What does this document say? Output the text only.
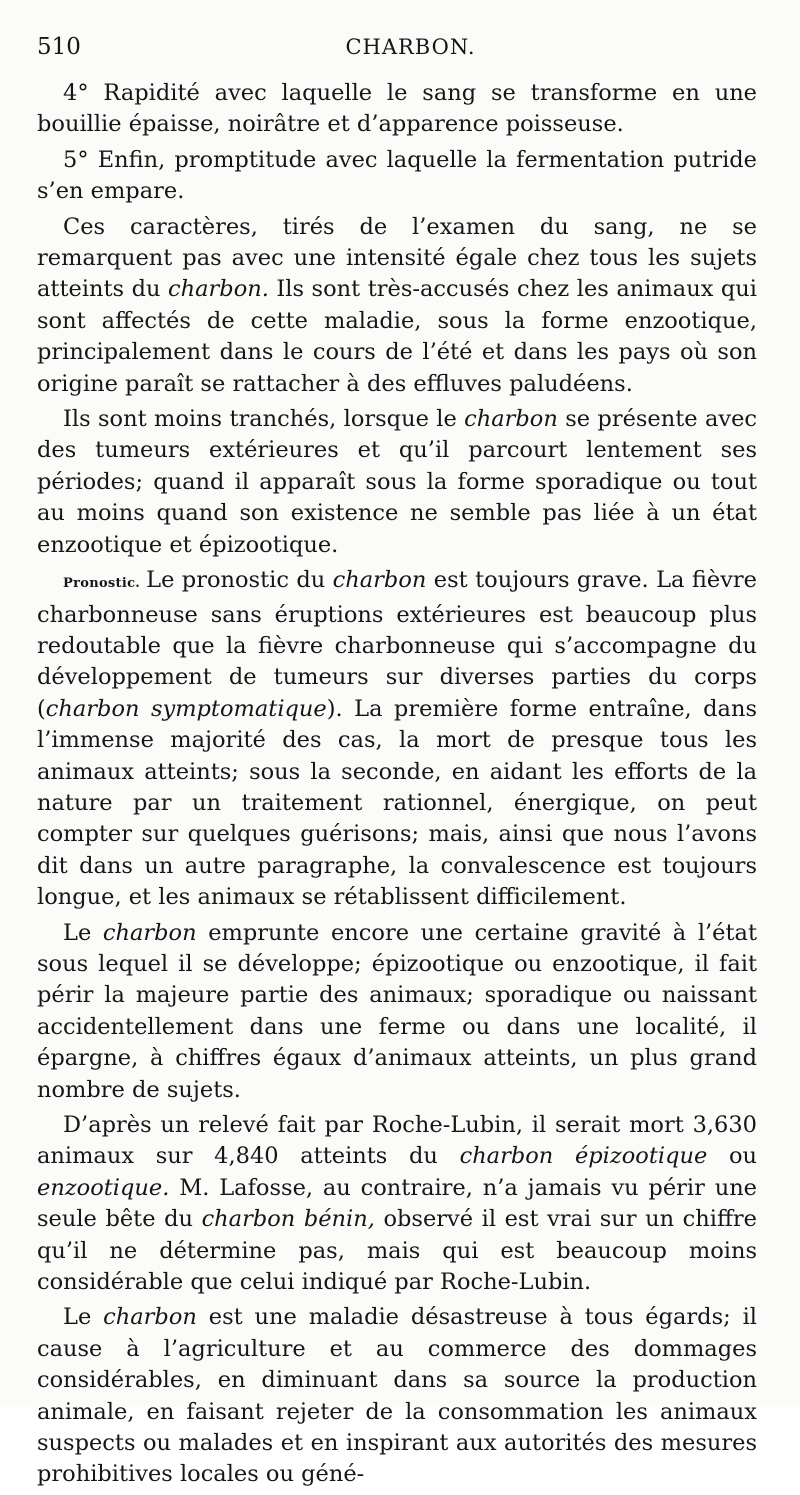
510	CHARBON.

4° Rapidité avec laquelle le sang se transforme en une bouillie épaisse, noirâtre et d’apparence poisseuse.

5° Enfin, promptitude avec laquelle la fermentation putride s’en empare.

Ces caractères, tirés de l’examen du sang, ne se remarquent pas avec une intensité égale chez tous les sujets atteints du charbon. Ils sont très-accusés chez les animaux qui sont affectés de cette maladie, sous la forme enzootique, principalement dans le cours de l’été et dans les pays où son origine paraît se rattacher à des effluves paludéens.

Ils sont moins tranchés, lorsque le charbon se présente avec des tumeurs extérieures et qu’il parcourt lentement ses périodes; quand il apparaît sous la forme sporadique ou tout au moins quand son existence ne semble pas liée à un état enzootique et épizootique.

Pronostic. Le pronostic du charbon est toujours grave. La fièvre charbonneuse sans éruptions extérieures est beaucoup plus redoutable que la fièvre charbonneuse qui s’accompagne du développement de tumeurs sur diverses parties du corps (charbon symptomatique). La première forme entraîne, dans l’immense majorité des cas, la mort de presque tous les animaux atteints; sous la seconde, en aidant les efforts de la nature par un traitement rationnel, énergique, on peut compter sur quelques guérisons; mais, ainsi que nous l’avons dit dans un autre paragraphe, la convalescence est toujours longue, et les animaux se rétablissent difficilement.

Le charbon emprunte encore une certaine gravité à l’état sous lequel il se développe; épizootique ou enzootique, il fait périr la majeure partie des animaux; sporadique ou naissant accidentellement dans une ferme ou dans une localité, il épargne, à chiffres égaux d’animaux atteints, un plus grand nombre de sujets.

D’après un relevé fait par Roche-Lubin, il serait mort 3,630 animaux sur 4,840 atteints du charbon épizootique ou enzootique. M. Lafosse, au contraire, n’a jamais vu périr une seule bête du charbon bénin, observé il est vrai sur un chiffre qu’il ne détermine pas, mais qui est beaucoup moins considérable que celui indiqué par Roche-Lubin.

Le charbon est une maladie désastreuse à tous égards; il cause à l’agriculture et au commerce des dommages considérables, en diminuant dans sa source la production animale, en faisant rejeter de la consommation les animaux suspects ou malades et en inspirant aux autorités des mesures prohibitives locales ou géné-
